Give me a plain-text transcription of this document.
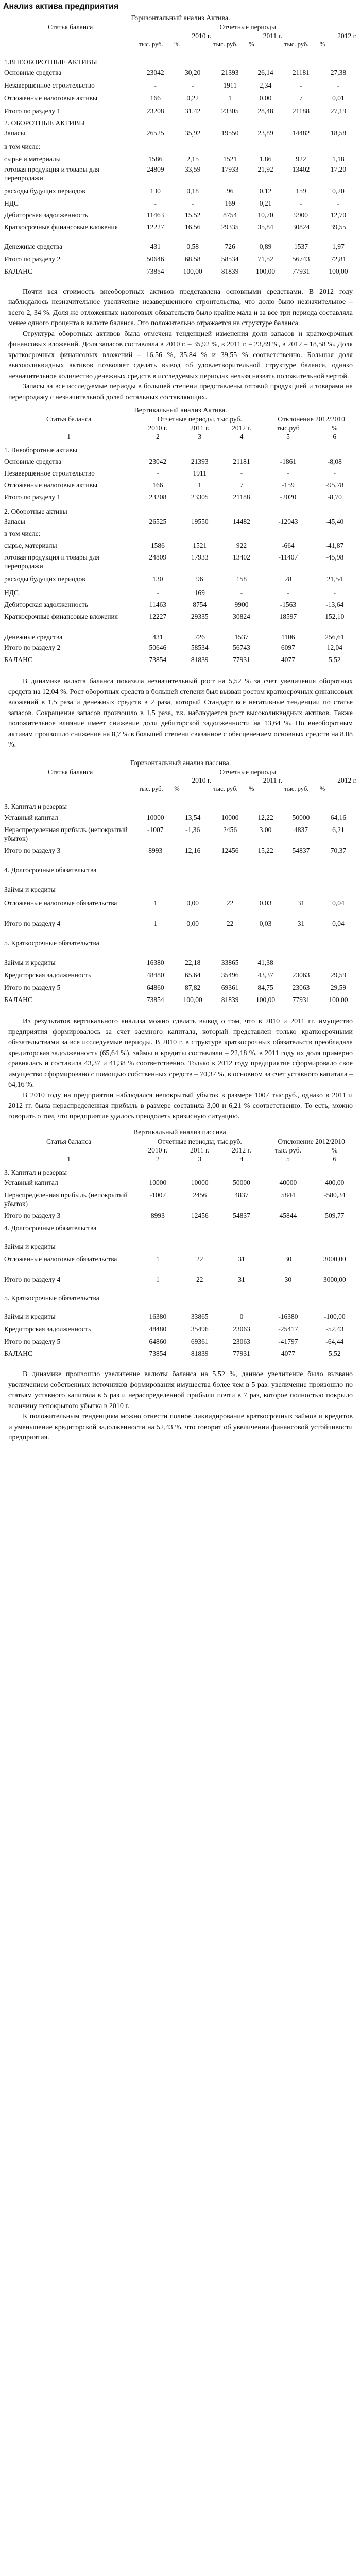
Анализ актива предприятия
Горизонтальный анализ Актива.
Статья баланса	Отчетные периоды					
	2010 г.		2011 г.		2012 г.	
	тыс. руб.	%	тыс. руб.	%	тыс. руб.	%
1.ВНЕОБОРОТНЫЕ АКТИВЫ						
Основные средства	23042	30,20	21393	26,14	21181	27,38
Незавершенное строительство	-	-	1911	2,34	-	-
Отложенные налоговые активы	166	0,22	1	0,00	7	0,01
Итого по разделу 1	23208	31,42	23305	28,48	21188	27,19
2. ОБОРОТНЫЕ АКТИВЫ						
Запасы	26525	35,92	19550	23,89	14482	18,58
в том числе:						
сырье и материалы	1586	2,15	1521	1,86	922	1,18
готовая продукция и товары для перепродажи	24809	33,59	17933	21,92	13402	17,20
расходы будущих периодов	130	0,18	96	0,12	159	0,20
НДС	-	-	169	0,21	-	-
Дебиторская задолженность	11463	15,52	8754	10,70	9900	12,70
Краткосрочные финансовые вложения	12227	16,56	29335	35,84	30824	39,55
Денежные средства	431	0,58	726	0,89	1537	1,97
Итого по разделу 2	50646	68,58	58534	71,52	56743	72,81
БАЛАНС	73854	100,00	81839	100,00	77931	100,00

Почти вся стоимость внеоборотных активов представлена основными средствами. В 2012 году наблюдалось незначительное увеличение незавершенного строительства, что долю было незначительное – всего 2, 34 %. Доля же отложенных налоговых обязательств было крайне мала и за все три периода составляла менее одного процента в валюте баланса. Это положительно отражается на структуре баланса.

Структура оборотных активов была отмечена тенденцией изменения доли запасов и краткосрочных финансовых вложений. Доля запасов составляла в 2010 г. – 35,92 %, в 2011 г. – 23,89 %, в 2012 – 18,58 %. Доля краткосрочных финансовых вложений – 16,56 %, 35,84 % и 39,55 % соответственно. Большая доля высоколиквидных активов позволяет сделать вывод об удовлетворительной структуре баланса, однако незначительное количество денежных средств в исследуемых периодах нельзя назвать положительной чертой.

Запасы за все исследуемые периоды в большей степени представлены готовой продукцией и товарами на перепродажу с незначительной долей остальных составляющих.

Вертикальный анализ Актива.
Статья баланса	Отчетные периоды, тыс.руб.			Отклонение 2012/2010	
	2010 г.	2011 г.	2012 г.	тыс.руб	%
1	2	3	4	5	6
1. Внеоборотные активы					
Основные средства	23042	21393	21181	-1861	-8,08
Незавершенное строительство	-	1911	-	-	-
Отложенные налоговые активы	166	1	7	-159	-95,78
Итого по разделу 1	23208	23305	21188	-2020	-8,70
2. Оборотные активы					
Запасы	26525	19550	14482	-12043	-45,40
в том числе:					
сырье, материалы	1586	1521	922	-664	-41,87
готовая продукция и товары для перепродажи	24809	17933	13402	-11407	-45,98
расходы будущих периодов	130	96	158	28	21,54
НДС	-	169	-	-	-
Дебиторская задолженность	11463	8754	9900	-1563	-13,64
Краткосрочные финансовые вложения	12227	29335	30824	18597	152,10
Денежные средства	431	726	1537	1106	256,61
Итого по разделу 2	50646	58534	56743	6097	12,04
БАЛАНС	73854	81839	77931	4077	5,52

В динамике валюта баланса показала незначительный рост на 5,52 % за счет увеличения оборотных средств на 12,04 %. Рост оборотных средств в большей степени был вызван ростом краткосрочных финансовых вложений в 1,5 раза и денежных средств в 2 раза, который Стандарт все негативные тенденции по статье запасов. Сокращение запасов произошло в 1,5 раза, т.к. наблюдается рост высоколиквидных активов. Также положительное влияние имеет снижение доли дебиторской задолженности на 13,64 %. По внеоборотным активам произошло снижение на 8,7 % в большей степени связанное с обесценением основных средств на 8,08 %.

Горизонтальный анализ пассива.
Статья баланса	Отчетные периоды					
	2010 г.		2011 г.		2012 г.	
	тыс. руб.	%	тыс. руб.	%	тыс. руб.	%
3. Капитал и резервы						
Уставный капитал	10000	13,54	10000	12,22	50000	64,16
Нераспределенная прибыль (непокрытый убыток)	-1007	-1,36	2456	3,00	4837	6,21
Итого по разделу 3	8993	12,16	12456	15,22	54837	70,37
4. Долгосрочные обязательства						
Займы и кредиты						
Отложенные налоговые обязательства	1	0,00	22	0,03	31	0,04
Итого по разделу 4	1	0,00	22	0,03	31	0,04
5. Краткосрочные обязательства						
Займы и кредиты	16380	22,18	33865	41,38		
Кредиторская задолженность	48480	65,64	35496	43,37	23063	29,59
Итого по разделу 5	64860	87,82	69361	84,75	23063	29,59
БАЛАНС	73854	100,00	81839	100,00	77931	100,00

Из результатов вертикального анализа можно сделать вывод о том, что в 2010 и 2011 гг. имущество предприятия формировалось за счет заемного капитала, который представлен только краткосрочными обязательствами за все исследуемые периоды. В 2010 г. в структуре краткосрочных обязательств преобладала кредиторская задолженность (65,64 %), займы и кредиты составляли – 22,18 %, в 2011 году их доля примерно сравнялась и составила 43,37 и 41,38 % соответственно. Только к 2012 году предприятие сформировало свое имущество сформировано с помощью собственных средств – 70,37 %, в основном за счет уставного капитала – 64,16 %.

В 2010 году на предприятии наблюдался непокрытый убыток в размере 1007 тыс.руб., однако в 2011 и 2012 гг. была нераспределенная прибыль в размере составила 3,00 и 6,21 % соответственно. То есть, можно говорить о том, что предприятие удалось преодолеть кризисную ситуацию.

Вертикальный анализ пассива.
Статья баланса	Отчетные периоды, тыс.руб.			Отклонение 2012/2010	
	2010 г.	2011 г.	2012 г.	тыс. руб.	%
1	2	3	4	5	6
3. Капитал и резервы					
Уставный капитал	10000	10000	50000	40000	400,00
Нераспределенная прибыль (непокрытый убыток)	-1007	2456	4837	5844	-580,34
Итого по разделу 3	8993	12456	54837	45844	509,77
4. Долгосрочные обязательства					
Займы и кредиты					
Отложенные налоговые обязательства	1	22	31	30	3000,00
Итого по разделу 4	1	22	31	30	3000,00
5. Краткосрочные обязательства					
Займы и кредиты	16380	33865	0	-16380	-100,00
Кредиторская задолженность	48480	35496	23063	-25417	-52,43
Итого по разделу 5	64860	69361	23063	-41797	-64,44
БАЛАНС	73854	81839	77931	4077	5,52

В динамике произошло увеличение валюты баланса на 5,52 %, данное увеличение было вызвано увеличением собственных источников формирования имущества более чем в 5 раз: увеличение произошло по статьям уставного капитала в 5 раз и нераспределенной прибыли почти в 7 раз, которое полностью покрыло величину непокрытого убытка в 2010 г.

К положительным тенденциям можно отнести полное ликвидирование краткосрочных займов и кредитов и уменьшение кредиторской задолженности на 52,43 %, что говорит об увеличении финансовой устойчивости предприятия.
